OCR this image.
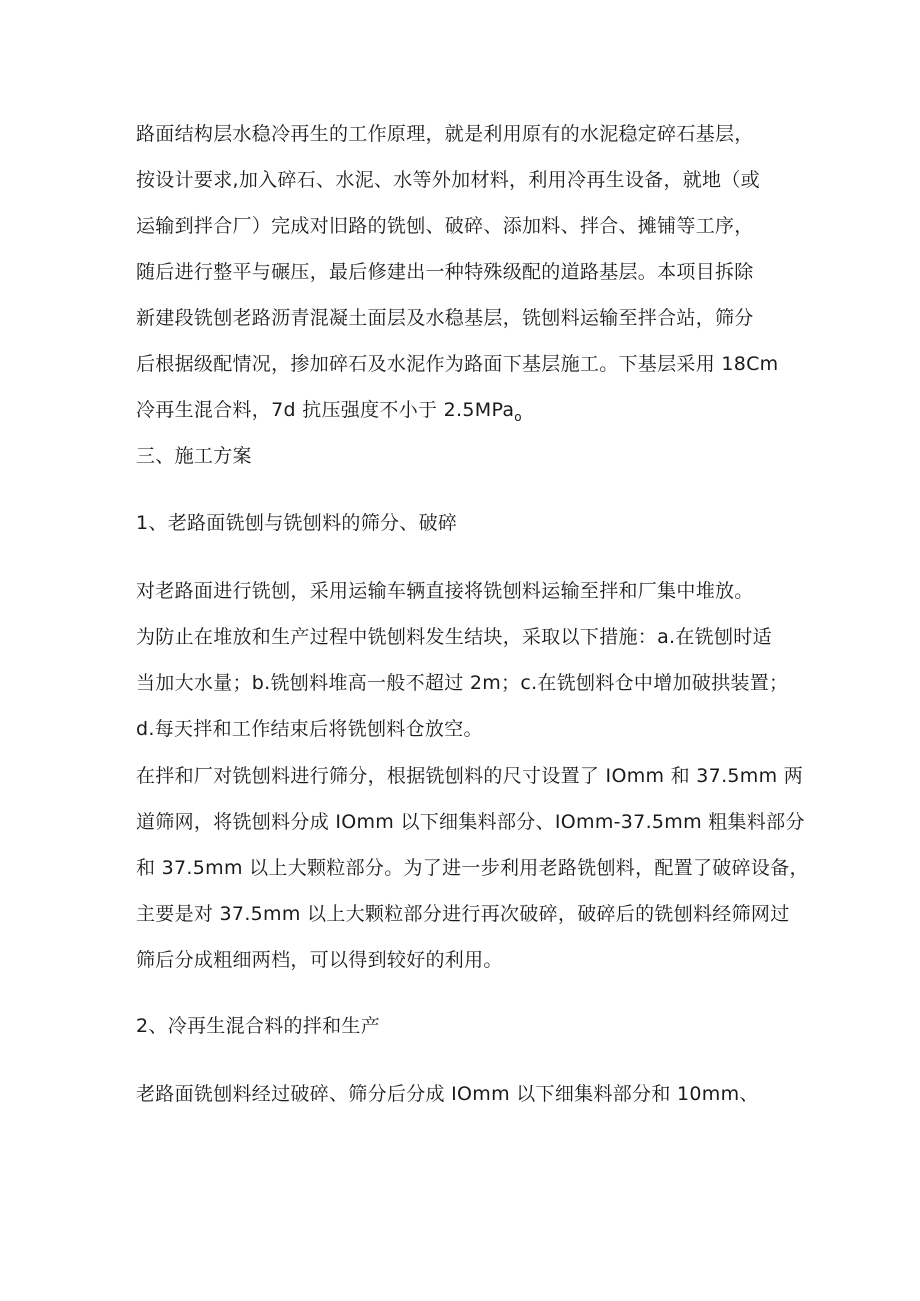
路面结构层水稳冷再生的工作原理，就是利用原有的水泥稳定碎石基层，

按设计要求,加入碎石、水泥、水等外加材料，利用冷再生设备，就地（或

运输到拌合厂）完成对旧路的铣刨、破碎、添加料、拌合、摊铺等工序，

随后进行整平与碾压，最后修建出一种特殊级配的道路基层。本项目拆除

新建段铣刨老路沥青混凝土面层及水稳基层，铣刨料运输至拌合站，筛分

后根据级配情况，掺加碎石及水泥作为路面下基层施工。下基层采用 18Cm

冷再生混合料，7d 抗压强度不小于 2.5MPa$_o$

三、施工方案

1、老路面铣刨与铣刨料的筛分、破碎

对老路面进行铣刨，采用运输车辆直接将铣刨料运输至拌和厂集中堆放。

为防止在堆放和生产过程中铣刨料发生结块，采取以下措施：a.在铣刨时适

当加大水量；b.铣刨料堆高一般不超过 2m；c.在铣刨料仓中增加破拱装置；

d.每天拌和工作结束后将铣刨料仓放空。

在拌和厂对铣刨料进行筛分，根据铣刨料的尺寸设置了 IOmm 和 37.5mm 两

道筛网，将铣刨料分成 IOmm 以下细集料部分、IOmm-37.5mm 粗集料部分

和 37.5mm 以上大颗粒部分。为了进一步利用老路铣刨料，配置了破碎设备，

主要是对 37.5mm 以上大颗粒部分进行再次破碎，破碎后的铣刨料经筛网过

筛后分成粗细两档，可以得到较好的利用。

2、冷再生混合料的拌和生产

老路面铣刨料经过破碎、筛分后分成 IOmm 以下细集料部分和 10mm、
